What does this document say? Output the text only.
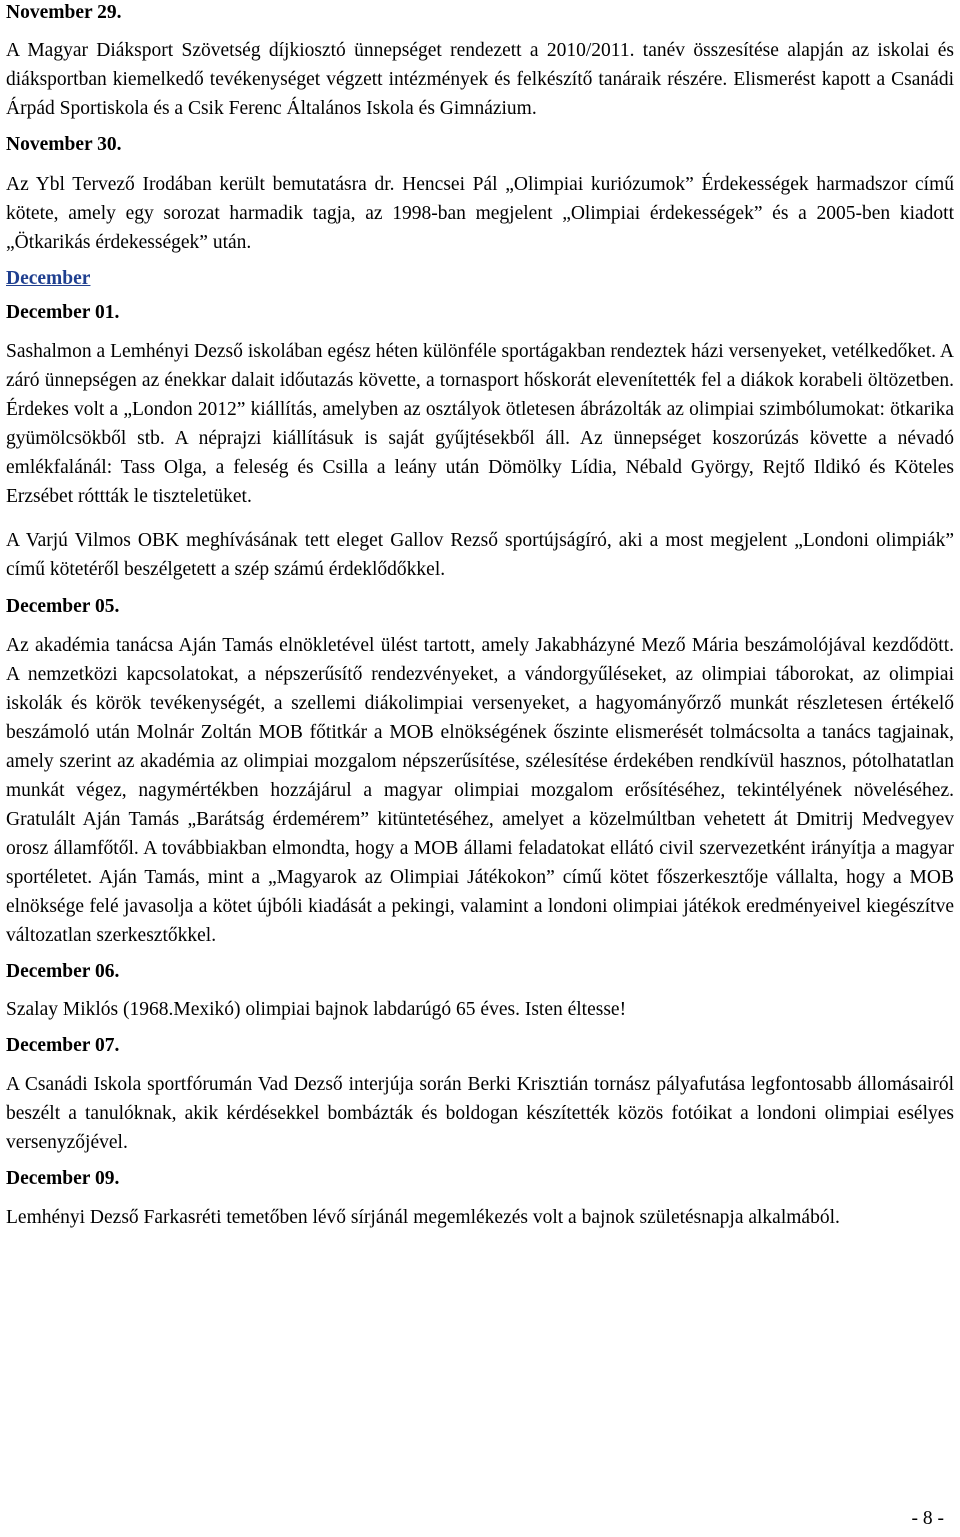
November 29.

A Magyar Diáksport Szövetség díjkiosztó ünnepséget rendezett a 2010/2011. tanév összesítése alapján az iskolai és diáksportban kiemelkedő tevékenységet végzett intézmények és felkészítő tanáraik részére. Elismerést kapott a Csanádi Árpád Sportiskola és a Csik Ferenc Általános Iskola és Gimnázium.

November 30.

Az Ybl Tervező Irodában került bemutatásra dr. Hencsei Pál „Olimpiai kuriózumok” Érdekességek harmadszor című kötete, amely egy sorozat harmadik tagja, az 1998-ban megjelent „Olimpiai érdekességek” és a 2005-ben kiadott „Ötkarikás érdekességek” után.

December
December 01.

Sashalmon a Lemhényi Dezső iskolában egész héten különféle sportágakban rendeztek házi versenyeket, vetélkedőket. A záró ünnepségen az énekkar dalait időutazás követte, a tornasport hőskorát elevenítették fel a diákok korabeli öltözetben. Érdekes volt a „London 2012” kiállítás, amelyben az osztályok ötletesen ábrázolták az olimpiai szimbólumokat: ötkarika gyümölcsökből stb. A néprajzi kiállításuk is saját gyűjtésekből áll. Az ünnepséget koszorúzás követte a névadó emlékfalánál: Tass Olga, a feleség és Csilla a leány után Dömölky Lídia, Nébald György, Rejtő Ildikó és Köteles Erzsébet róttták le tiszteletüket.

A Varjú Vilmos OBK meghívásának tett eleget Gallov Rezső sportújságíró, aki a most megjelent „Londoni olimpiák” című kötetéről beszélgetett a szép számú érdeklődőkkel.

December 05.

Az akadémia tanácsa Aján Tamás elnökletével ülést tartott, amely Jakabházyné Mező Mária beszámolójával kezdődött. A nemzetközi kapcsolatokat, a népszerűsítő rendezvényeket, a vándorgyűléseket, az olimpiai táborokat, az olimpiai iskolák és körök tevékenységét, a szellemi diákolimpiai versenyeket, a hagyományőrző munkát részletesen értékelő beszámoló után Molnár Zoltán MOB főtitkár a MOB elnökségének őszinte elismerését tolmácsolta a tanács tagjainak, amely szerint az akadémia az olimpiai mozgalom népszerűsítése, szélesítése érdekében rendkívül hasznos, pótolhatatlan munkát végez, nagymértékben hozzájárul a magyar olimpiai mozgalom erősítéséhez, tekintélyének növeléséhez. Gratulált Aján Tamás „Barátság érdemérem” kitüntetéséhez, amelyet a közelmúltban vehetett át Dmitrij Medvegyev orosz államfőtől. A továbbiakban elmondta, hogy a MOB állami feladatokat ellátó civil szervezetként irányítja a magyar sportéletet. Aján Tamás, mint a „Magyarok az Olimpiai Játékokon” című kötet főszerkesztője vállalta, hogy a MOB elnöksége felé javasolja a kötet újbóli kiadását a pekingi, valamint a londoni olimpiai játékok eredményeivel kiegészítve változatlan szerkesztőkkel.

December 06.

Szalay Miklós (1968.Mexikó) olimpiai bajnok labdarúgó 65 éves. Isten éltesse!

December 07.

A Csanádi Iskola sportfórumán Vad Dezső interjúja során Berki Krisztián tornász pályafutása legfontosabb állomásairól beszélt a tanulóknak, akik kérdésekkel bombázták és boldogan készítették közös fotóikat a londoni olimpiai esélyes versenyzőjével.

December 09.

Lemhényi Dezső Farkasréti temetőben lévő sírjánál megemlékezés volt a bajnok születésnapja alkalmából.

- 8 -
